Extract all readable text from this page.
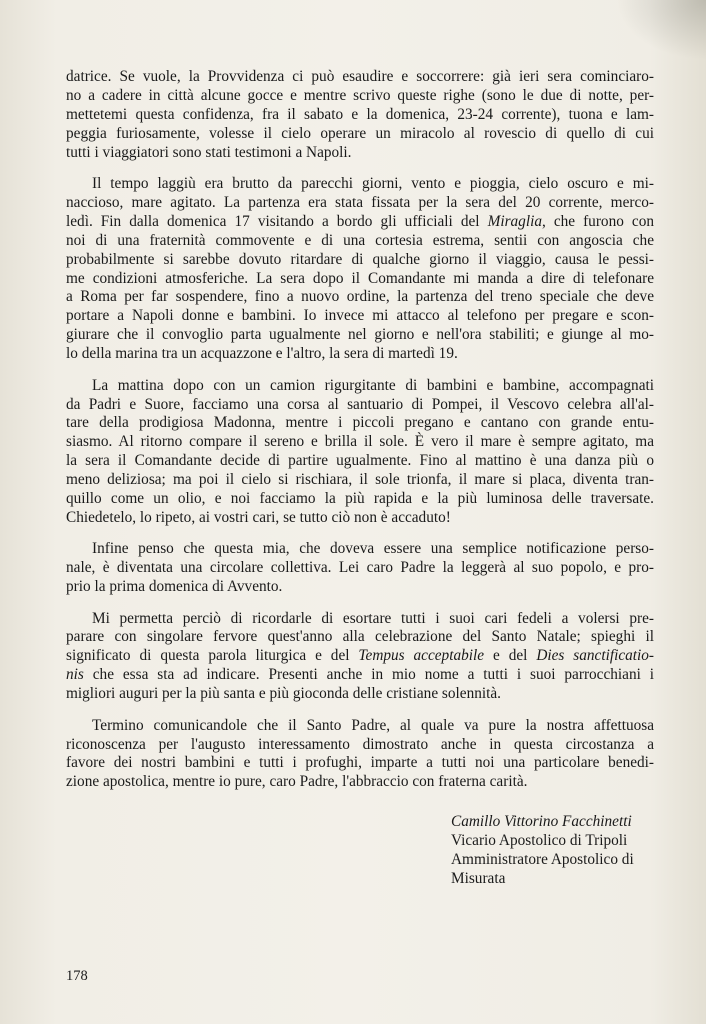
datrice. Se vuole, la Provvidenza ci può esaudire e soccorrere: già ieri sera cominciaro-
no a cadere in città alcune gocce e mentre scrivo queste righe (sono le due di notte, per-
mettetemi questa confidenza, fra il sabato e la domenica, 23-24 corrente), tuona e lam-
peggia furiosamente, volesse il cielo operare un miracolo al rovescio di quello di cui
tutti i viaggiatori sono stati testimoni a Napoli.
Il tempo laggiù era brutto da parecchi giorni, vento e pioggia, cielo oscuro e mi-
naccioso, mare agitato. La partenza era stata fissata per la sera del 20 corrente, merco-
ledì. Fin dalla domenica 17 visitando a bordo gli ufficiali del Miraglia, che furono con
noi di una fraternità commovente e di una cortesia estrema, sentii con angoscia che
probabilmente si sarebbe dovuto ritardare di qualche giorno il viaggio, causa le pessi-
me condizioni atmosferiche. La sera dopo il Comandante mi manda a dire di telefonare
a Roma per far sospendere, fino a nuovo ordine, la partenza del treno speciale che deve
portare a Napoli donne e bambini. Io invece mi attacco al telefono per pregare e scon-
giurare che il convoglio parta ugualmente nel giorno e nell'ora stabiliti; e giunge al mo-
lo della marina tra un acquazzone e l'altro, la sera di martedì 19.
La mattina dopo con un camion rigurgitante di bambini e bambine, accompagnati
da Padri e Suore, facciamo una corsa al santuario di Pompei, il Vescovo celebra all'al-
tare della prodigiosa Madonna, mentre i piccoli pregano e cantano con grande entu-
siasmo. Al ritorno compare il sereno e brilla il sole. È vero il mare è sempre agitato, ma
la sera il Comandante decide di partire ugualmente. Fino al mattino è una danza più o
meno deliziosa; ma poi il cielo si rischiara, il sole trionfa, il mare si placa, diventa tran-
quillo come un olio, e noi facciamo la più rapida e la più luminosa delle traversate.
Chiedetelo, lo ripeto, ai vostri cari, se tutto ciò non è accaduto!
Infine penso che questa mia, che doveva essere una semplice notificazione perso-
nale, è diventata una circolare collettiva. Lei caro Padre la leggerà al suo popolo, e pro-
prio la prima domenica di Avvento.
Mi permetta perciò di ricordarle di esortare tutti i suoi cari fedeli a volersi pre-
parare con singolare fervore quest'anno alla celebrazione del Santo Natale; spieghi il
significato di questa parola liturgica e del Tempus acceptabile e del Dies sanctificatio-
nis che essa sta ad indicare. Presenti anche in mio nome a tutti i suoi parrocchiani i
migliori auguri per la più santa e più gioconda delle cristiane solennità.
Termino comunicandole che il Santo Padre, al quale va pure la nostra affettuosa
riconoscenza per l'augusto interessamento dimostrato anche in questa circostanza a
favore dei nostri bambini e tutti i profughi, imparte a tutti noi una particolare benedi-
zione apostolica, mentre io pure, caro Padre, l'abbraccio con fraterna carità.
Camillo Vittorino Facchinetti
Vicario Apostolico di Tripoli
Amministratore Apostolico di
Misurata
178
